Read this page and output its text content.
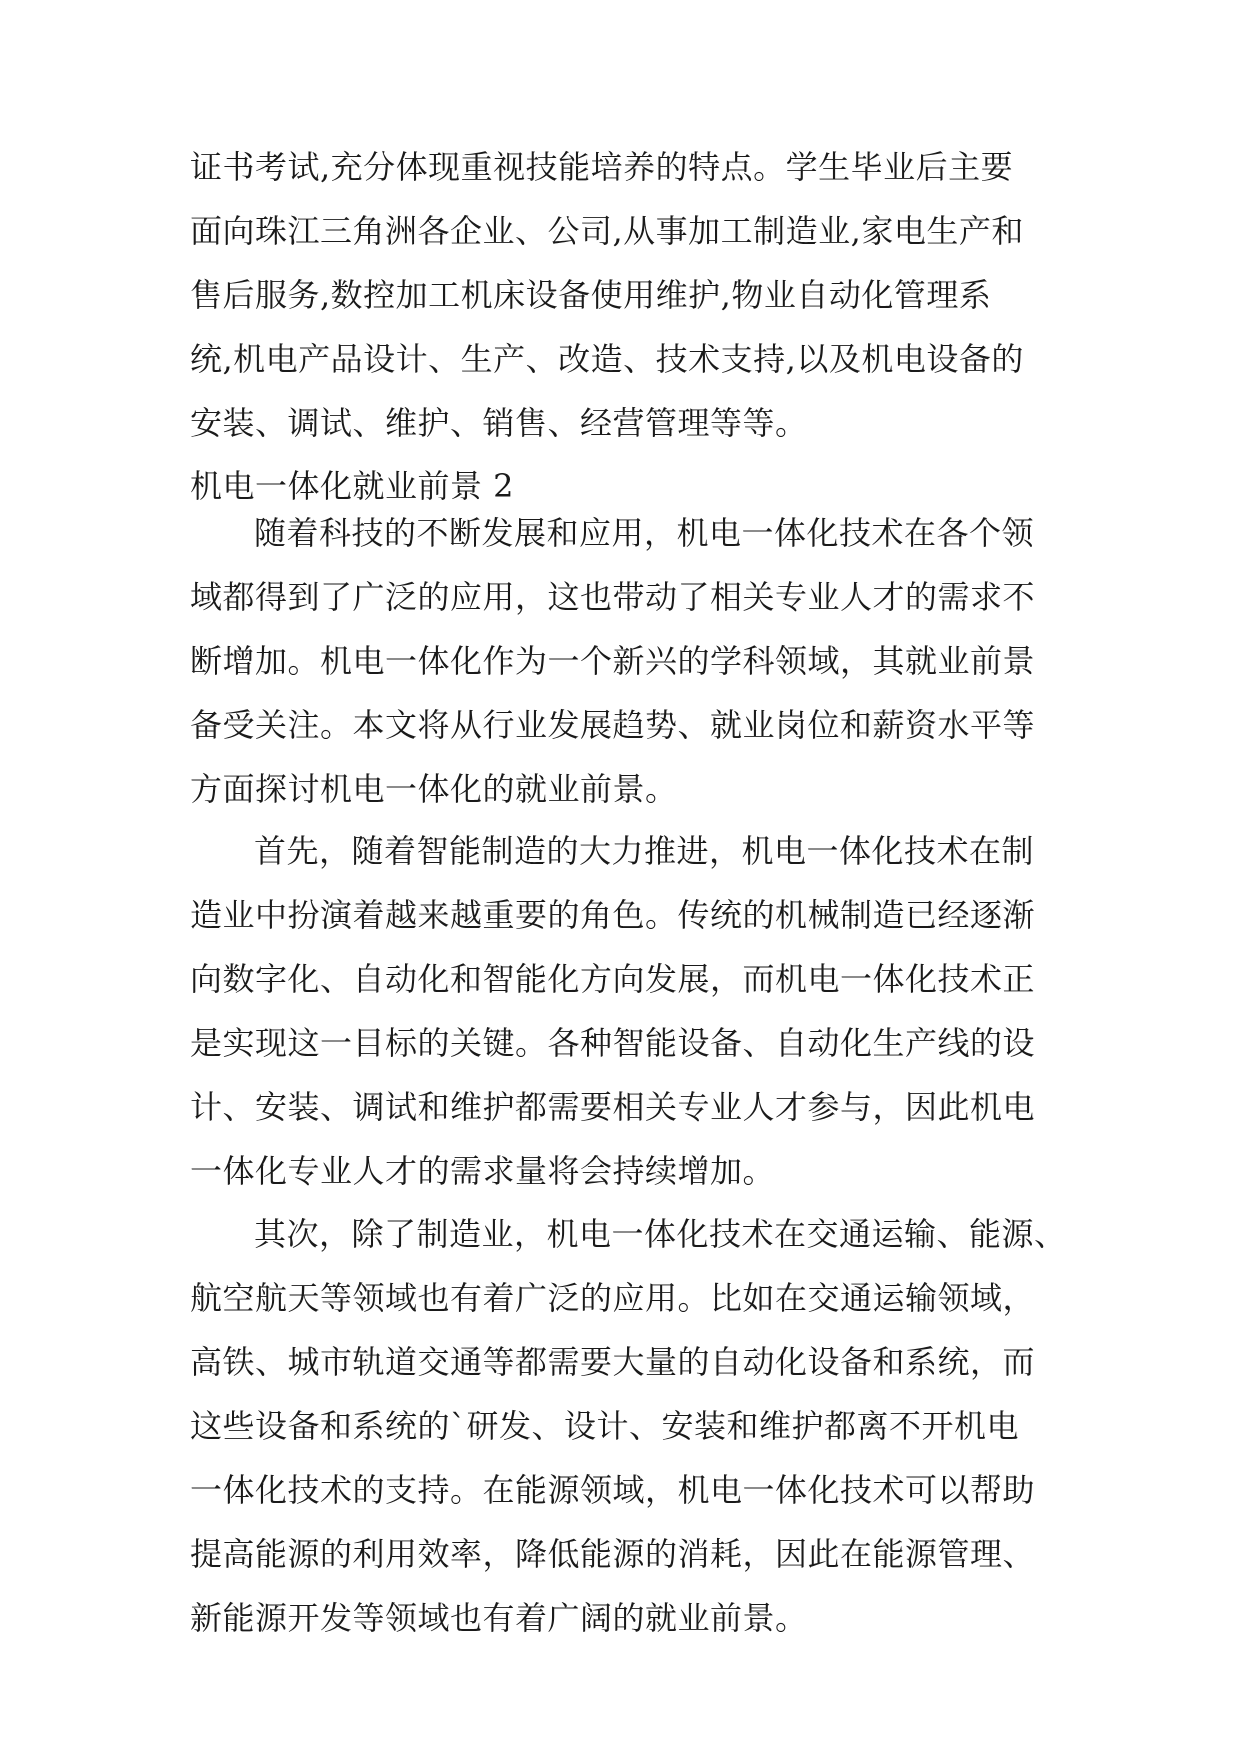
证书考试,充分体现重视技能培养的特点。学生毕业后主要
面向珠江三角洲各企业、公司,从事加工制造业,家电生产和
售后服务,数控加工机床设备使用维护,物业自动化管理系
统,机电产品设计、生产、改造、技术支持,以及机电设备的
安装、调试、维护、销售、经营管理等等。
机电一体化就业前景 2
随着科技的不断发展和应用，机电一体化技术在各个领
域都得到了广泛的应用，这也带动了相关专业人才的需求不
断增加。机电一体化作为一个新兴的学科领域，其就业前景
备受关注。本文将从行业发展趋势、就业岗位和薪资水平等
方面探讨机电一体化的就业前景。
首先，随着智能制造的大力推进，机电一体化技术在制
造业中扮演着越来越重要的角色。传统的机械制造已经逐渐
向数字化、自动化和智能化方向发展，而机电一体化技术正
是实现这一目标的关键。各种智能设备、自动化生产线的设
计、安装、调试和维护都需要相关专业人才参与，因此机电
一体化专业人才的需求量将会持续增加。
其次，除了制造业，机电一体化技术在交通运输、能源、
航空航天等领域也有着广泛的应用。比如在交通运输领域，
高铁、城市轨道交通等都需要大量的自动化设备和系统，而
这些设备和系统的`研发、设计、安装和维护都离不开机电
一体化技术的支持。在能源领域，机电一体化技术可以帮助
提高能源的利用效率，降低能源的消耗，因此在能源管理、
新能源开发等领域也有着广阔的就业前景。
